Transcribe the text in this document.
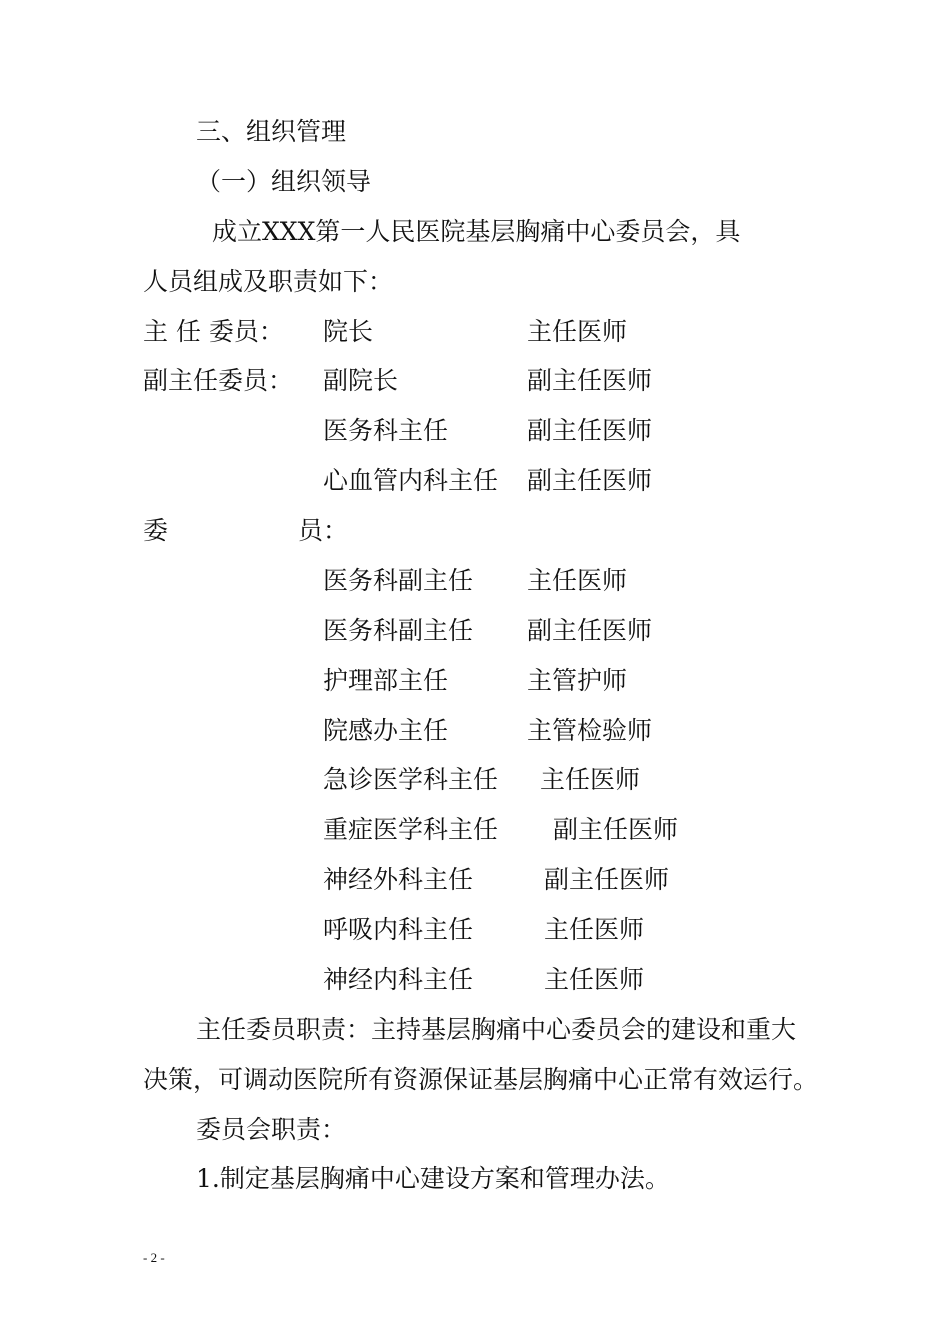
三、组织管理
（一）组织领导
成立XXX第一人民医院基层胸痛中心委员会，具
人员组成及职责如下：
主 任 委员： 院长	主任医师
副主任委员： 副院长	副主任医师
医务科主任	副主任医师
心血管内科主任 副主任医师
委	员：
医务科副主任 主任医师
医务科副主任 副主任医师
护理部主任	主管护师
院感办主任	主管检验师
急诊医学科主任 主任医师
重症医学科主任 副主任医师
神经外科主任	副主任医师
呼吸内科主任	主任医师
神经内科主任	主任医师
主任委员职责：主持基层胸痛中心委员会的建设和重大
决策，可调动医院所有资源保证基层胸痛中心正常有效运行。
委员会职责：
1.制定基层胸痛中心建设方案和管理办法。
- 2 -
